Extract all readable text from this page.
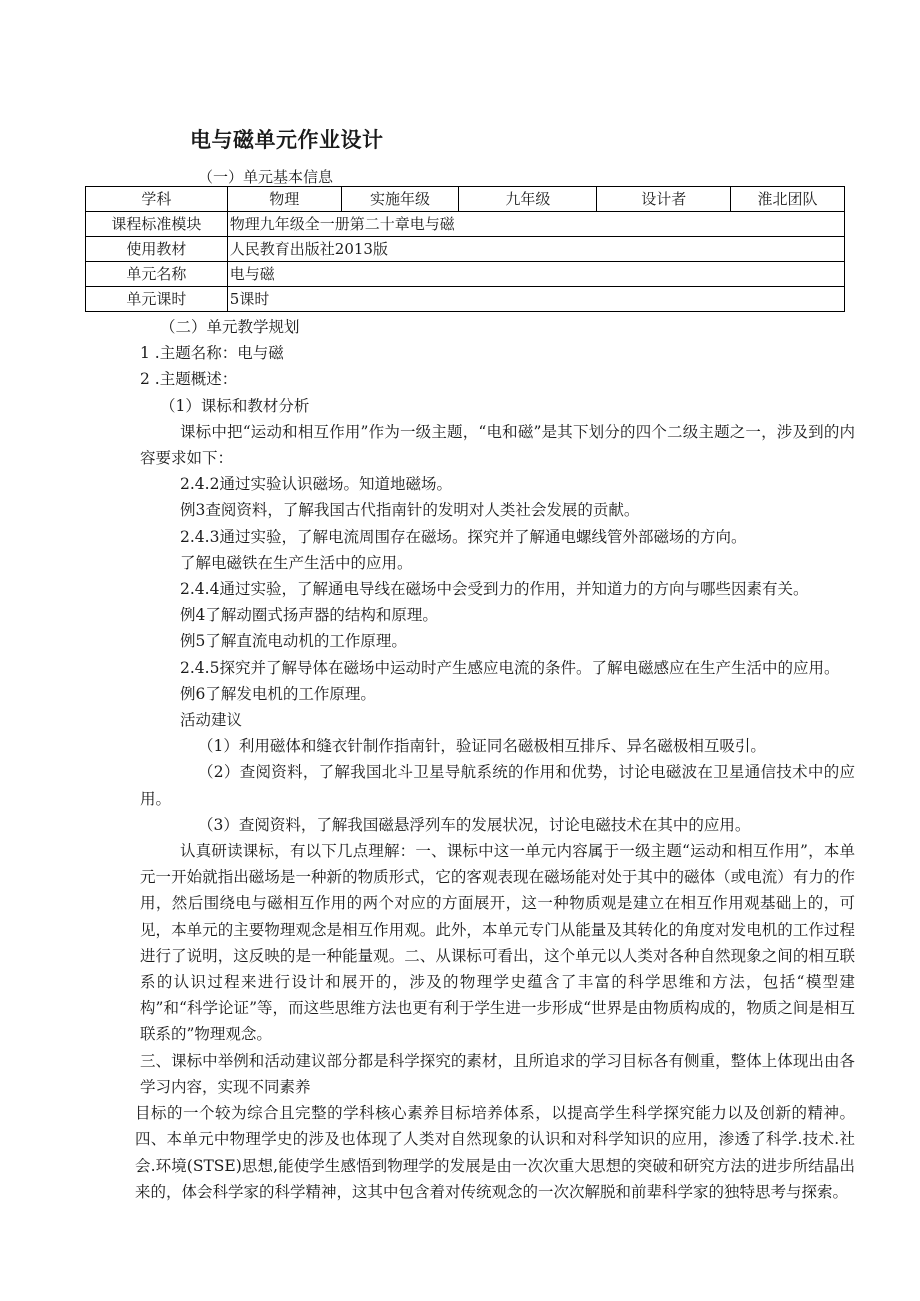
电与磁单元作业设计
（一）单元基本信息
学科	物理	实施年级	九年级	设计者	淮北团队
课程标准模块	物理九年级全一册第二十章电与磁				
使用教材	人民教育出版社2013版				
单元名称	电与磁				
单元课时	5课时				

（二）单元教学规划

1 .主题名称：电与磁

2 .主题概述：

（1）课标和教材分析

课标中把“运动和相互作用”作为一级主题，“电和磁”是其下划分的四个二级主题之一，涉及到的内容要求如下：

2.4.2通过实验认识磁场。知道地磁场。

例3查阅资料，了解我国古代指南针的发明对人类社会发展的贡献。

2.4.3通过实验，了解电流周围存在磁场。探究并了解通电螺线管外部磁场的方向。

了解电磁铁在生产生活中的应用。

2.4.4通过实验，了解通电导线在磁场中会受到力的作用，并知道力的方向与哪些因素有关。

例4了解动圈式扬声器的结构和原理。

例5了解直流电动机的工作原理。

2.4.5探究并了解导体在磁场中运动时产生感应电流的条件。了解电磁感应在生产生活中的应用。

例6了解发电机的工作原理。

活动建议

（1）利用磁体和缝衣针制作指南针，验证同名磁极相互排斥、异名磁极相互吸引。

（2）查阅资料，了解我国北斗卫星导航系统的作用和优势，讨论电磁波在卫星通信技术中的应用。

（3）查阅资料，了解我国磁悬浮列车的发展状况，讨论电磁技术在其中的应用。

认真研读课标，有以下几点理解：一、课标中这一单元内容属于一级主题“运动和相互作用”，本单元一开始就指出磁场是一种新的物质形式，它的客观表现在磁场能对处于其中的磁体（或电流）有力的作用，然后围绕电与磁相互作用的两个对应的方面展开，这一种物质观是建立在相互作用观基础上的，可见，本单元的主要物理观念是相互作用观。此外，本单元专门从能量及其转化的角度对发电机的工作过程进行了说明，这反映的是一种能量观。二、从课标可看出，这个单元以人类对各种自然现象之间的相互联系的认识过程来进行设计和展开的，涉及的物理学史蕴含了丰富的科学思维和方法，包括“模型建构”和“科学论证”等，而这些思维方法也更有利于学生进一步形成“世界是由物质构成的，物质之间是相互联系的”物理观念。

三、课标中举例和活动建议部分都是科学探究的素材，且所追求的学习目标各有侧重，整体上体现出由各学习内容，实现不同素养

目标的一个较为综合且完整的学科核心素养目标培养体系，以提高学生科学探究能力以及创新的精神。四、本单元中物理学史的涉及也体现了人类对自然现象的认识和对科学知识的应用，渗透了科学.技术.社会.环境(STSE)思想,能使学生感悟到物理学的发展是由一次次重大思想的突破和研究方法的进步所结晶出来的，体会科学家的科学精神，这其中包含着对传统观念的一次次解脱和前辈科学家的独特思考与探索。
